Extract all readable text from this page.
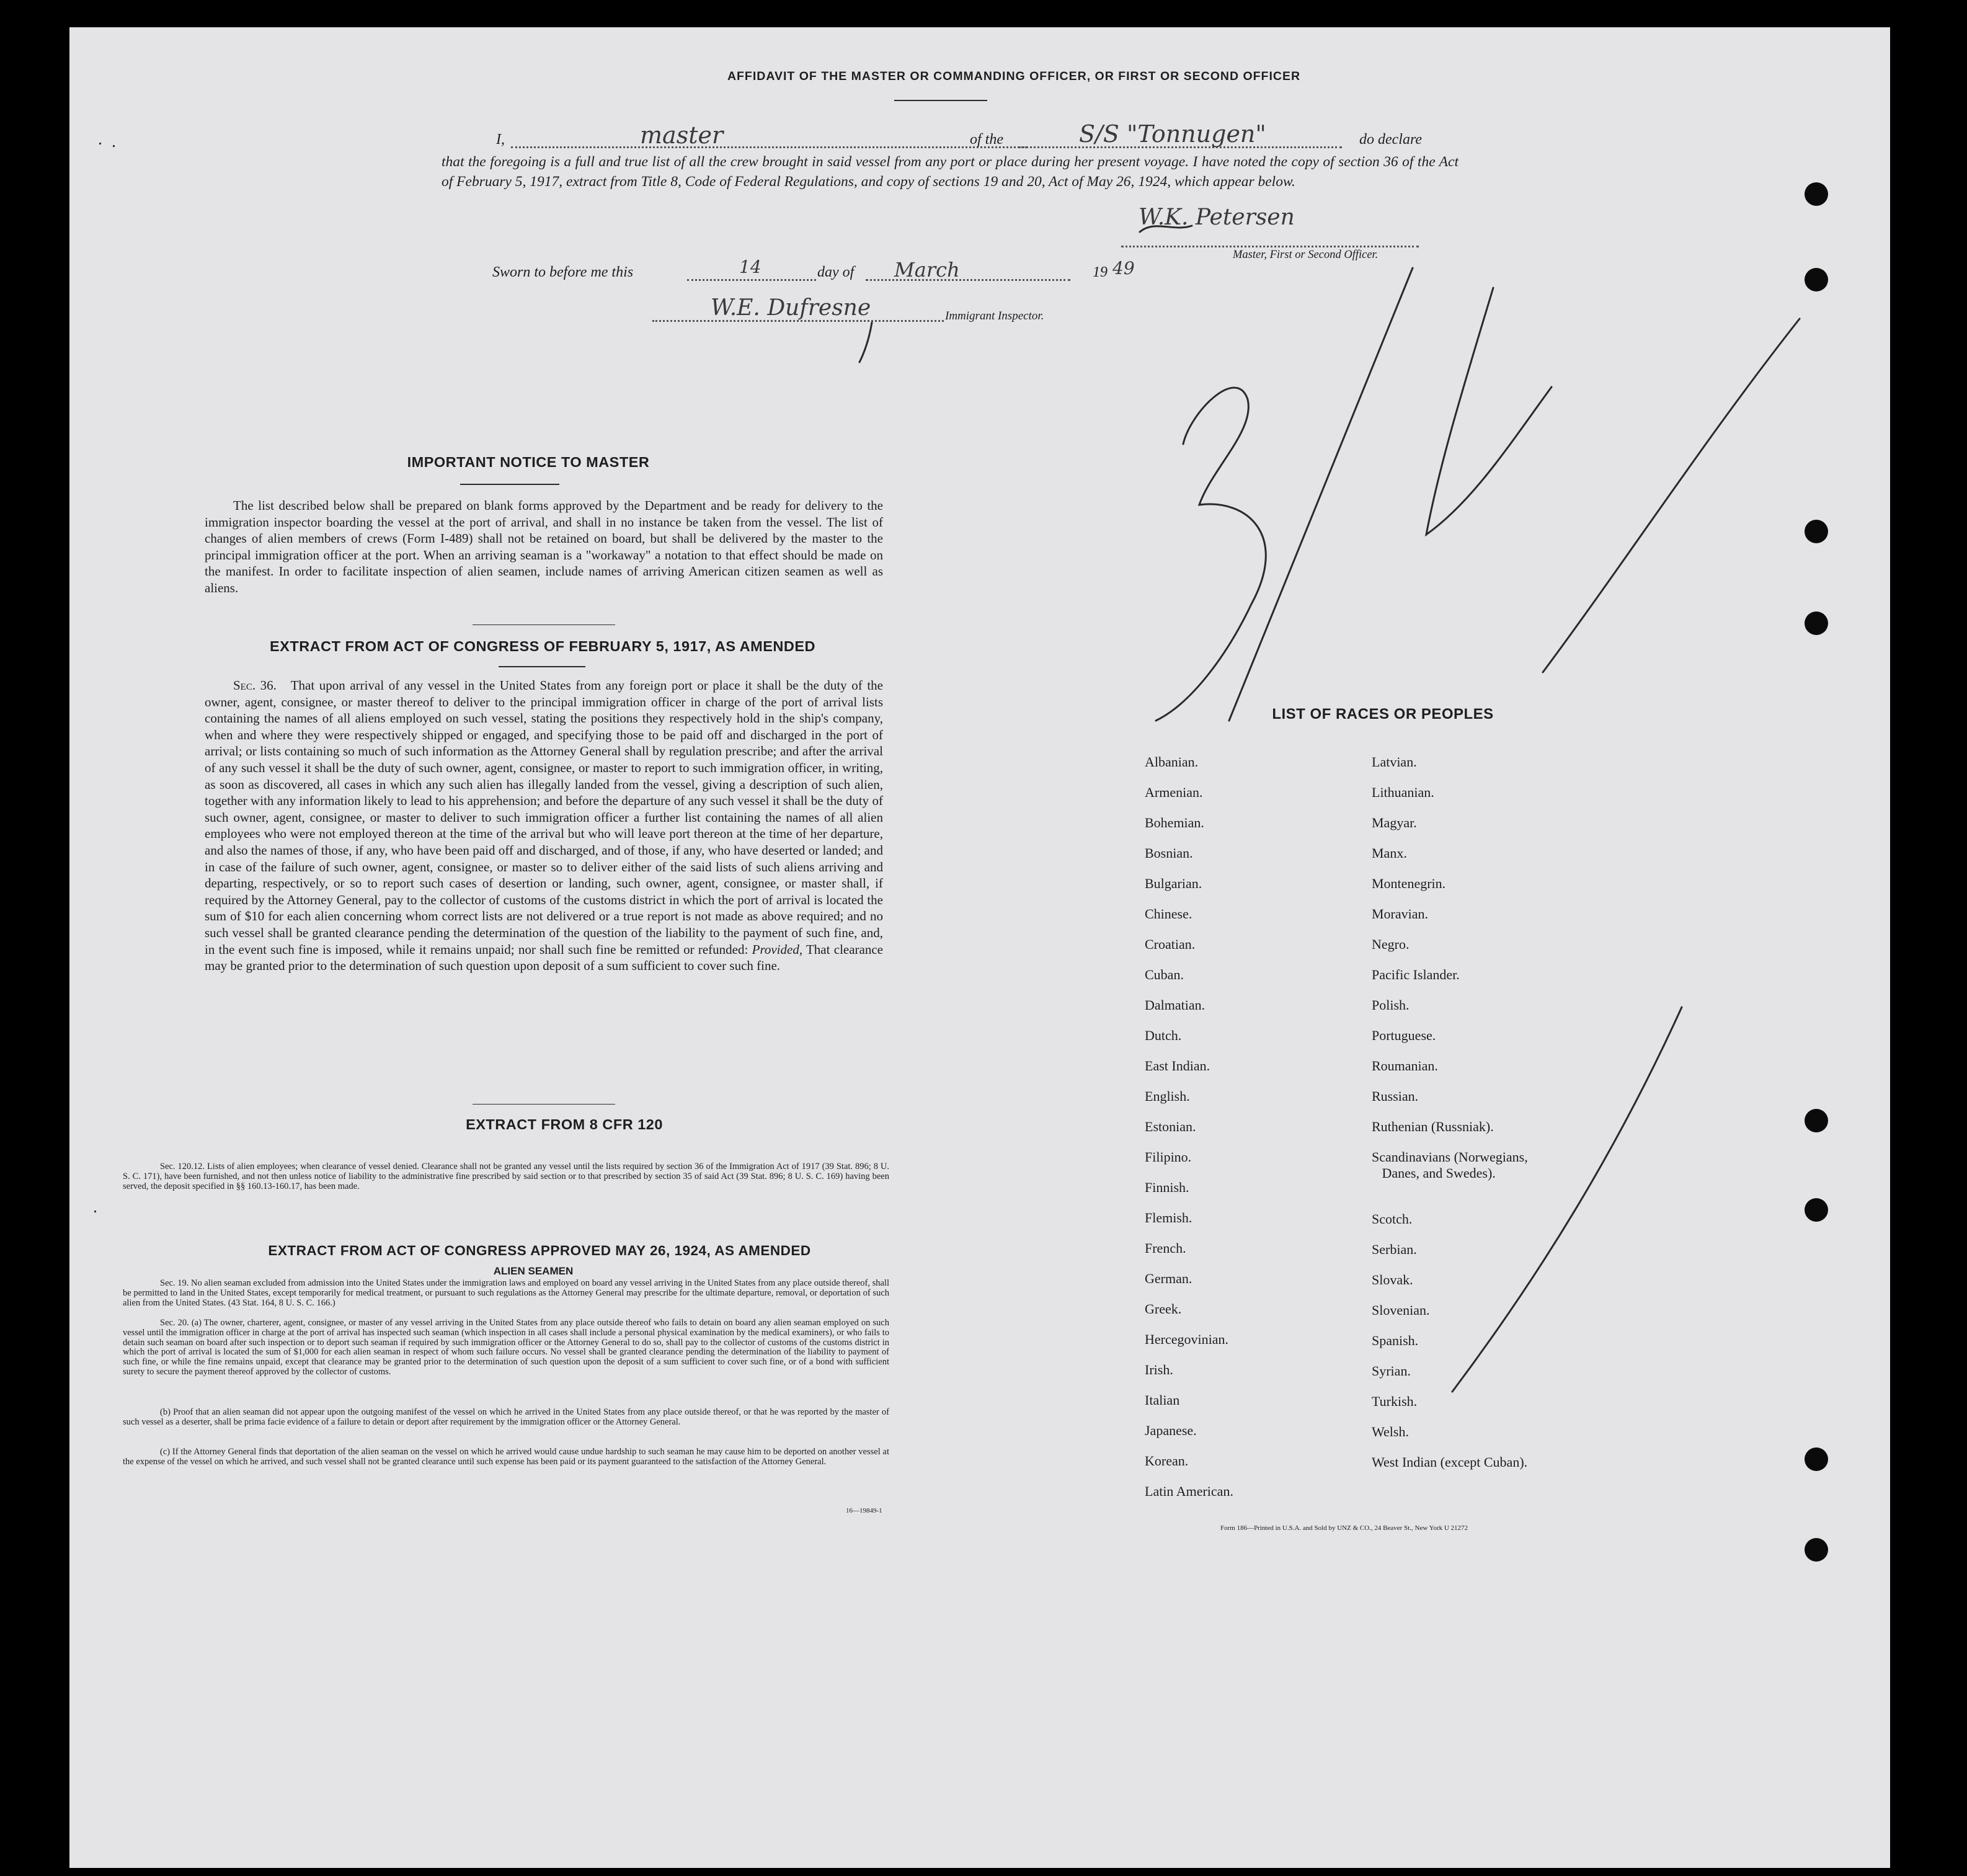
AFFIDAVIT OF THE MASTER OR COMMANDING OFFICER, OR FIRST OR SECOND OFFICER
I,	master	of the	S/S "Tonnugen"	do declare
that the foregoing is a full and true list of all the crew brought in said vessel from any port or place during her present voyage. I have noted the copy of section 36 of the Act of February 5, 1917, extract from Title 8, Code of Federal Regulations, and copy of sections 19 and 20, Act of May 26, 1924, which appear below.
W.K. Petersen
Master, First or Second Officer.
Sworn to before me this	14	day of March	19 49
W.E. Dufresne	Immigrant Inspector.
IMPORTANT NOTICE TO MASTER
The list described below shall be prepared on blank forms approved by the Department and be ready for delivery to the immigration inspector boarding the vessel at the port of arrival, and shall in no instance be taken from the vessel. The list of changes of alien members of crews (Form I-489) shall not be retained on board, but shall be delivered by the master to the principal immigration officer at the port. When an arriving seaman is a "workaway" a notation to that effect should be made on the manifest. In order to facilitate inspection of alien seamen, include names of arriving American citizen seamen as well as aliens.
EXTRACT FROM ACT OF CONGRESS OF FEBRUARY 5, 1917, AS AMENDED
Sec. 36. That upon arrival of any vessel in the United States from any foreign port or place it shall be the duty of the owner, agent, consignee, or master thereof to deliver to the principal immigration officer in charge of the port of arrival lists containing the names of all aliens employed on such vessel, stating the positions they respectively hold in the ship's company, when and where they were respectively shipped or engaged, and specifying those to be paid off and discharged in the port of arrival; or lists containing so much of such information as the Attorney General shall by regulation prescribe; and after the arrival of any such vessel it shall be the duty of such owner, agent, consignee, or master to report to such immigration officer, in writing, as soon as discovered, all cases in which any such alien has illegally landed from the vessel, giving a description of such alien, together with any information likely to lead to his apprehension; and before the departure of any such vessel it shall be the duty of such owner, agent, consignee, or master to deliver to such immigration officer a further list containing the names of all alien employees who were not employed thereon at the time of the arrival but who will leave port thereon at the time of her departure, and also the names of those, if any, who have been paid off and discharged, and of those, if any, who have deserted or landed; and in case of the failure of such owner, agent, consignee, or master so to deliver either of the said lists of such aliens arriving and departing, respectively, or so to report such cases of desertion or landing, such owner, agent, consignee, or master shall, if required by the Attorney General, pay to the collector of customs of the customs district in which the port of arrival is located the sum of $10 for each alien concerning whom correct lists are not delivered or a true report is not made as above required; and no such vessel shall be granted clearance pending the determination of the question of the liability to the payment of such fine, and, in the event such fine is imposed, while it remains unpaid; nor shall such fine be remitted or refunded: Provided, That clearance may be granted prior to the determination of such question upon deposit of a sum sufficient to cover such fine.
EXTRACT FROM 8 CFR 120
Sec. 120.12. Lists of alien employees; when clearance of vessel denied. Clearance shall not be granted any vessel until the lists required by section 36 of the Immigration Act of 1917 (39 Stat. 896; 8 U. S. C. 171), have been furnished, and not then unless notice of liability to the administrative fine prescribed by said section or to that prescribed by section 35 of said Act (39 Stat. 896; 8 U. S. C. 169) having been served, the deposit specified in §§ 160.13-160.17, has been made.
EXTRACT FROM ACT OF CONGRESS APPROVED MAY 26, 1924, AS AMENDED
ALIEN SEAMEN
Sec. 19. No alien seaman excluded from admission into the United States under the immigration laws and employed on board any vessel arriving in the United States from any place outside thereof, shall be permitted to land in the United States, except temporarily for medical treatment, or pursuant to such regulations as the Attorney General may prescribe for the ultimate departure, removal, or deportation of such alien from the United States. (43 Stat. 164, 8 U. S. C. 166.)
Sec. 20. (a) The owner, charterer, agent, consignee, or master of any vessel arriving in the United States from any place outside thereof who fails to detain on board any alien seaman employed on such vessel until the immigration officer in charge at the port of arrival has inspected such seaman (which inspection in all cases shall include a personal physical examination by the medical examiners), or who fails to detain such seaman on board after such inspection or to deport such seaman if required by such immigration officer or the Attorney General to do so, shall pay to the collector of customs of the customs district in which the port of arrival is located the sum of $1,000 for each alien seaman in respect of whom such failure occurs. No vessel shall be granted clearance pending the determination of the liability to payment of such fine, or while the fine remains unpaid, except that clearance may be granted prior to the determination of such question upon the deposit of a sum sufficient to cover such fine, or of a bond with sufficient surety to secure the payment thereof approved by the collector of customs.
(b) Proof that an alien seaman did not appear upon the outgoing manifest of the vessel on which he arrived in the United States from any place outside thereof, or that he was reported by the master of such vessel as a deserter, shall be prima facie evidence of a failure to detain or deport after requirement by the immigration officer or the Attorney General.
(c) If the Attorney General finds that deportation of the alien seaman on the vessel on which he arrived would cause undue hardship to such seaman he may cause him to be deported on another vessel at the expense of the vessel on which he arrived, and such vessel shall not be granted clearance until such expense has been paid or its payment guaranteed to the satisfaction of the Attorney General.
16—19849-1
LIST OF RACES OR PEOPLES
Form 186—Printed in U.S.A. and Sold by UNZ & CO., 24 Beaver St., New York U 21272
3/14
Albanian.
Armenian.
Bohemian.
Bosnian.
Bulgarian.
Chinese.
Croatian.
Cuban.
Dalmatian.
Dutch.
East Indian.
English.
Estonian.
Filipino.
Finnish.
Flemish.
French.
German.
Greek.
Hercegovinian.
Irish.
Italian
Japanese.
Korean.
Latin American.
Latvian.
Lithuanian.
Magyar.
Manx.
Montenegrin.
Moravian.
Negro.
Pacific Islander.
Polish.
Portuguese.
Roumanian.
Russian.
Ruthenian (Russniak).
Scandinavians (Norwegians,
Danes, and Swedes).
Scotch.
Serbian.
Slovak.
Slovenian.
Spanish.
Syrian.
Turkish.
Welsh.
West Indian (except Cuban).
